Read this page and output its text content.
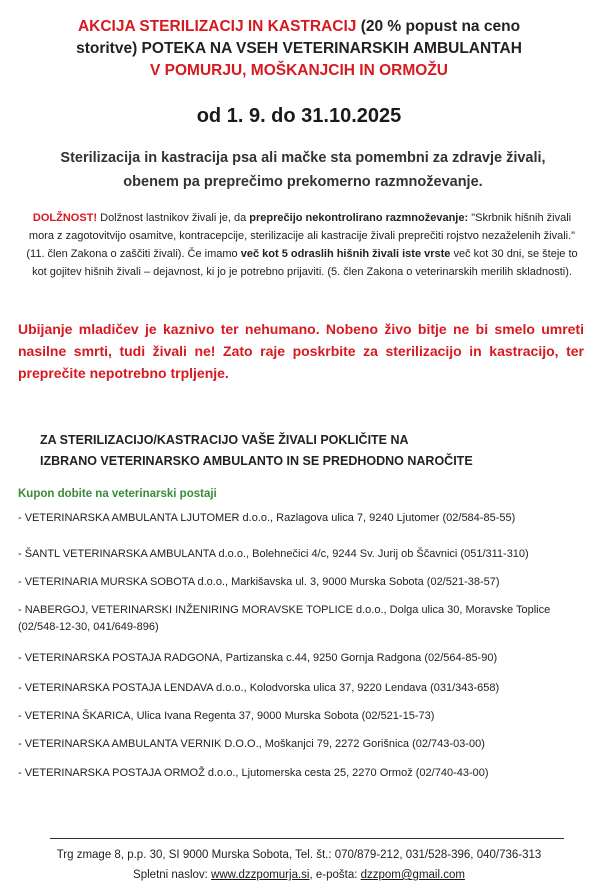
AKCIJA STERILIZACIJ IN KASTRACIJ (20 % popust na ceno
storitve) POTEKA NA VSEH VETERINARSKIH AMBULANTAH
V POMURJU, MOŠKANJCIH IN ORMOŽU
od 1. 9. do 31.10.2025
Sterilizacija in kastracija psa ali mačke sta pomembni za zdravje živali,
obenem pa preprečimo prekomerno razmnoževanje.
DOLŽNOST! Dolžnost lastnikov živali je, da preprečijo nekontrolirano razmnoževanje: "Skrbnik hišnih živali mora z zagotovitvijo osamitve, kontracepcije, sterilizacije ali kastracije živali preprečiti rojstvo nezaželenih živali." (11. člen Zakona o zaščiti živali). Če imamo več kot 5 odraslih hišnih živali iste vrste več kot 30 dni, se šteje to kot gojitev hišnih živali – dejavnost, ki jo je potrebno prijaviti. (5. člen Zakona o veterinarskih merilih skladnosti).
Ubijanje mladičev je kaznivo ter nehumano. Nobeno živo bitje ne bi smelo umreti nasilne smrti, tudi živali ne! Zato raje poskrbite za sterilizacijo in kastracijo, ter preprečite nepotrebno trpljenje.
ZA STERILIZACIJO/KASTRACIJO VAŠE ŽIVALI POKLIČITE NA
IZBRANO VETERINARSKO AMBULANTO IN SE PREDHODNO NAROČITE
Kupon dobite na veterinarski postaji
- VETERINARSKA AMBULANTA LJUTOMER d.o.o., Razlagova ulica 7, 9240 Ljutomer (02/584-85-55)
- ŠANTL VETERINARSKA AMBULANTA d.o.o., Bolehnečici 4/c, 9244 Sv. Jurij ob Ščavnici (051/311-310)
- VETERINARIA MURSKA SOBOTA d.o.o., Markišavska ul. 3, 9000 Murska Sobota (02/521-38-57)
- NABERGOJ, VETERINARSKI INŽENIRING MORAVSKE TOPLICE d.o.o., Dolga ulica 30, Moravske Toplice (02/548-12-30, 041/649-896)
- VETERINARSKA POSTAJA RADGONA, Partizanska c.44, 9250 Gornja Radgona (02/564-85-90)
- VETERINARSKA POSTAJA LENDAVA d.o.o., Kolodvorska ulica 37, 9220 Lendava (031/343-658)
- VETERINA ŠKARICA, Ulica Ivana Regenta 37, 9000 Murska Sobota (02/521-15-73)
- VETERINARSKA AMBULANTA VERNIK D.O.O., Moškanjci 79, 2272 Gorišnica (02/743-03-00)
- VETERINARSKA POSTAJA ORMOŽ d.o.o., Ljutomerska cesta 25, 2270 Ormož (02/740-43-00)
Trg zmage 8, p.p. 30, SI 9000 Murska Sobota, Tel. št.: 070/879-212, 031/528-396, 040/736-313
Spletni naslov: www.dzzpomurja.si, e-pošta: dzzpom@gmail.com
